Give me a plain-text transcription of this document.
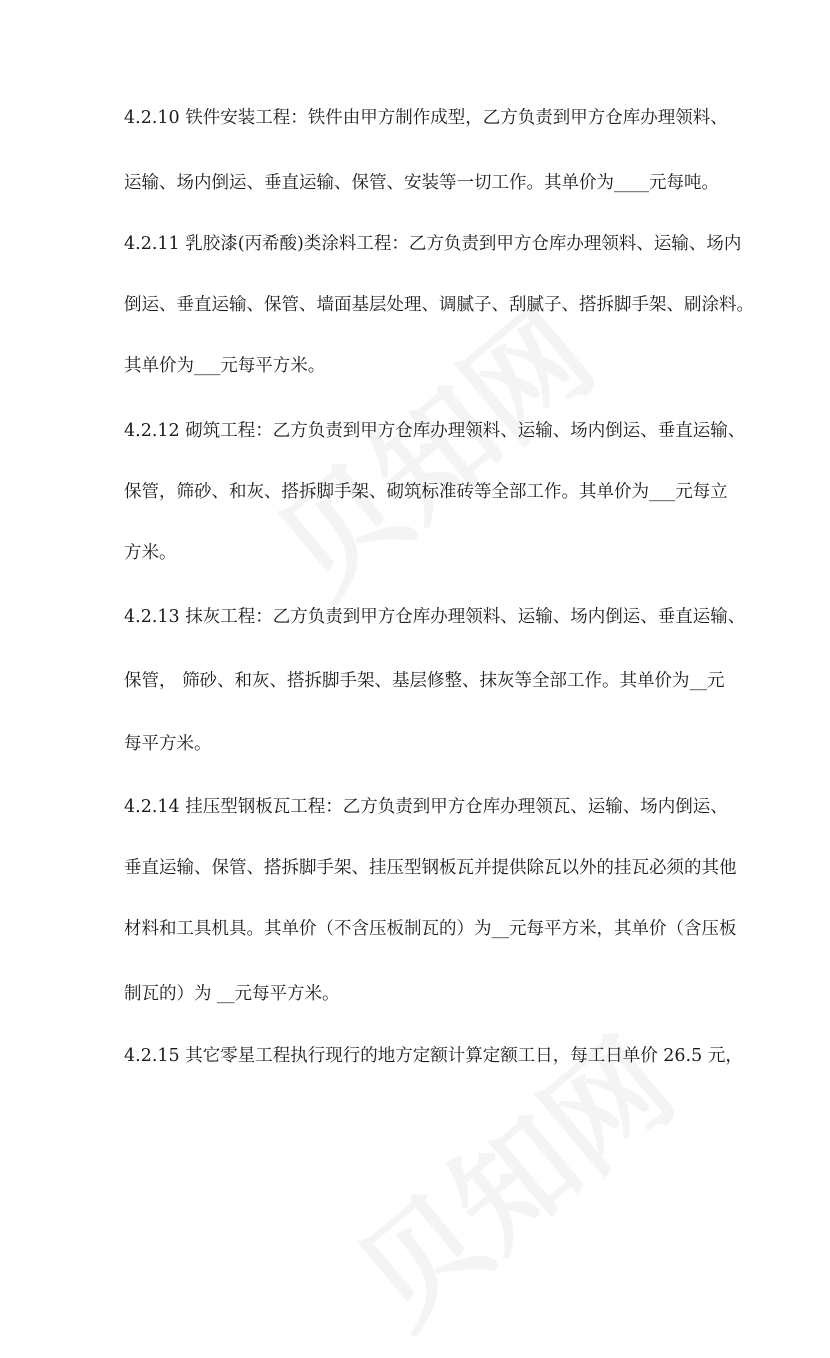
4.2.10 铁件安装工程：铁件由甲方制作成型，乙方负责到甲方仓库办理领料、
运输、场内倒运、垂直运输、保管、安装等一切工作。其单价为____元每吨。
4.2.11 乳胶漆(丙希酸)类涂料工程：乙方负责到甲方仓库办理领料、运输、场内
倒运、垂直运输、保管、墙面基层处理、调腻子、刮腻子、搭拆脚手架、刷涂料。
其单价为___元每平方米。
4.2.12 砌筑工程：乙方负责到甲方仓库办理领料、运输、场内倒运、垂直运输、
保管，筛砂、和灰、搭拆脚手架、砌筑标准砖等全部工作。其单价为___元每立
方米。
4.2.13 抹灰工程：乙方负责到甲方仓库办理领料、运输、场内倒运、垂直运输、
保管， 筛砂、和灰、搭拆脚手架、基层修整、抹灰等全部工作。其单价为__元
每平方米。
4.2.14 挂压型钢板瓦工程：乙方负责到甲方仓库办理领瓦、运输、场内倒运、
垂直运输、保管、搭拆脚手架、挂压型钢板瓦并提供除瓦以外的挂瓦必须的其他
材料和工具机具。其单价（不含压板制瓦的）为__元每平方米，其单价（含压板
制瓦的）为 __元每平方米。
4.2.15 其它零星工程执行现行的地方定额计算定额工日，每工日单价 26.5 元，
